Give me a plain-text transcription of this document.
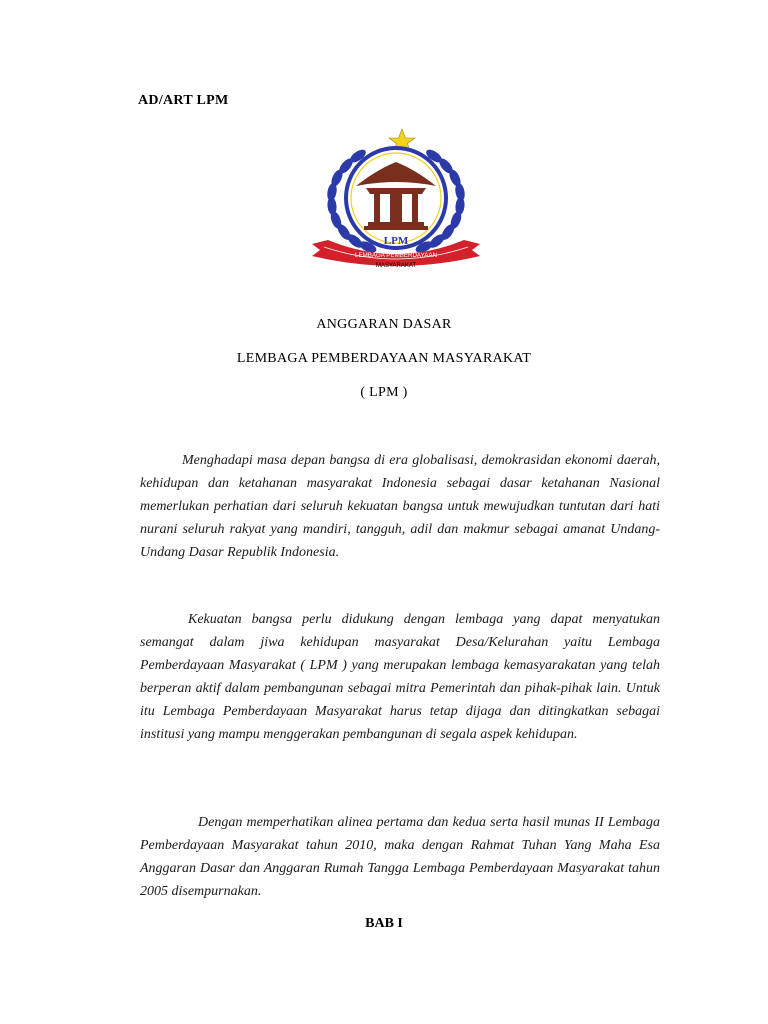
AD/ART LPM
LPM
LEMBAGA PEMBERDAYAAN
MASYARAKAT
ANGGARAN DASAR
LEMBAGA PEMBERDAYAAN MASYARAKAT
( LPM )
Menghadapi masa depan bangsa di era globalisasi, demokrasidan ekonomi daerah, kehidupan dan ketahanan masyarakat Indonesia sebagai dasar ketahanan Nasional memerlukan perhatian dari seluruh kekuatan bangsa untuk mewujudkan tuntutan dari hati nurani seluruh rakyat yang mandiri, tangguh, adil dan makmur sebagai amanat Undang-Undang Dasar Republik Indonesia.
Kekuatan bangsa perlu didukung dengan lembaga yang dapat menyatukan semangat dalam jiwa kehidupan masyarakat Desa/Kelurahan yaitu Lembaga Pemberdayaan Masyarakat ( LPM ) yang merupakan lembaga kemasyarakatan yang telah berperan aktif dalam pembangunan sebagai mitra Pemerintah dan pihak-pihak lain. Untuk itu Lembaga Pemberdayaan Masyarakat harus tetap dijaga dan ditingkatkan sebagai institusi yang mampu menggerakan pembangunan di segala aspek kehidupan.
Dengan memperhatikan alinea pertama dan kedua serta hasil munas II Lembaga Pemberdayaan Masyarakat tahun 2010, maka dengan Rahmat Tuhan Yang Maha Esa Anggaran Dasar dan Anggaran Rumah Tangga Lembaga Pemberdayaan Masyarakat tahun 2005 disempurnakan.
BAB I
